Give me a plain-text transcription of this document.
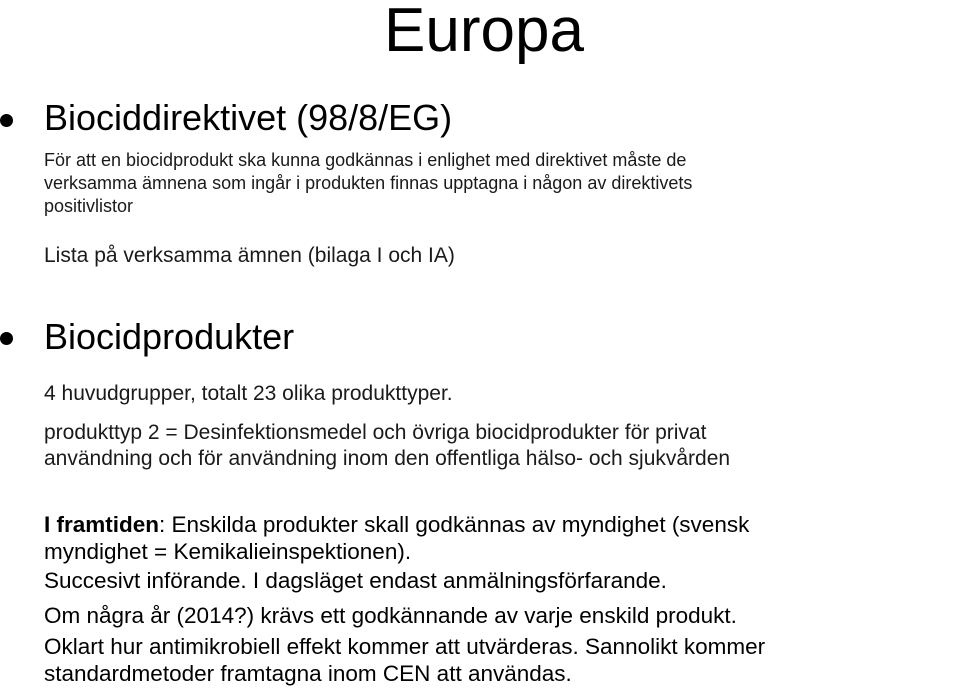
Europa
Biociddirektivet (98/8/EG)
För att en biocidprodukt ska kunna godkännas i enlighet med direktivet måste de
verksamma ämnena som ingår i produkten finnas upptagna i någon av direktivets
positivlistor
Lista på verksamma ämnen (bilaga I och IA)
Biocidprodukter
4 huvudgrupper, totalt 23 olika produkttyper.
produkttyp 2 = Desinfektionsmedel och övriga biocidprodukter för privat
användning och för användning inom den offentliga hälso- och sjukvården
I framtiden: Enskilda produkter skall godkännas av myndighet (svensk
myndighet = Kemikalieinspektionen).
Succesivt införande. I dagsläget endast anmälningsförfarande.
Om några år (2014?) krävs ett godkännande av varje enskild produkt.
Oklart hur antimikrobiell effekt kommer att utvärderas. Sannolikt kommer
standardmetoder framtagna inom CEN att användas.
